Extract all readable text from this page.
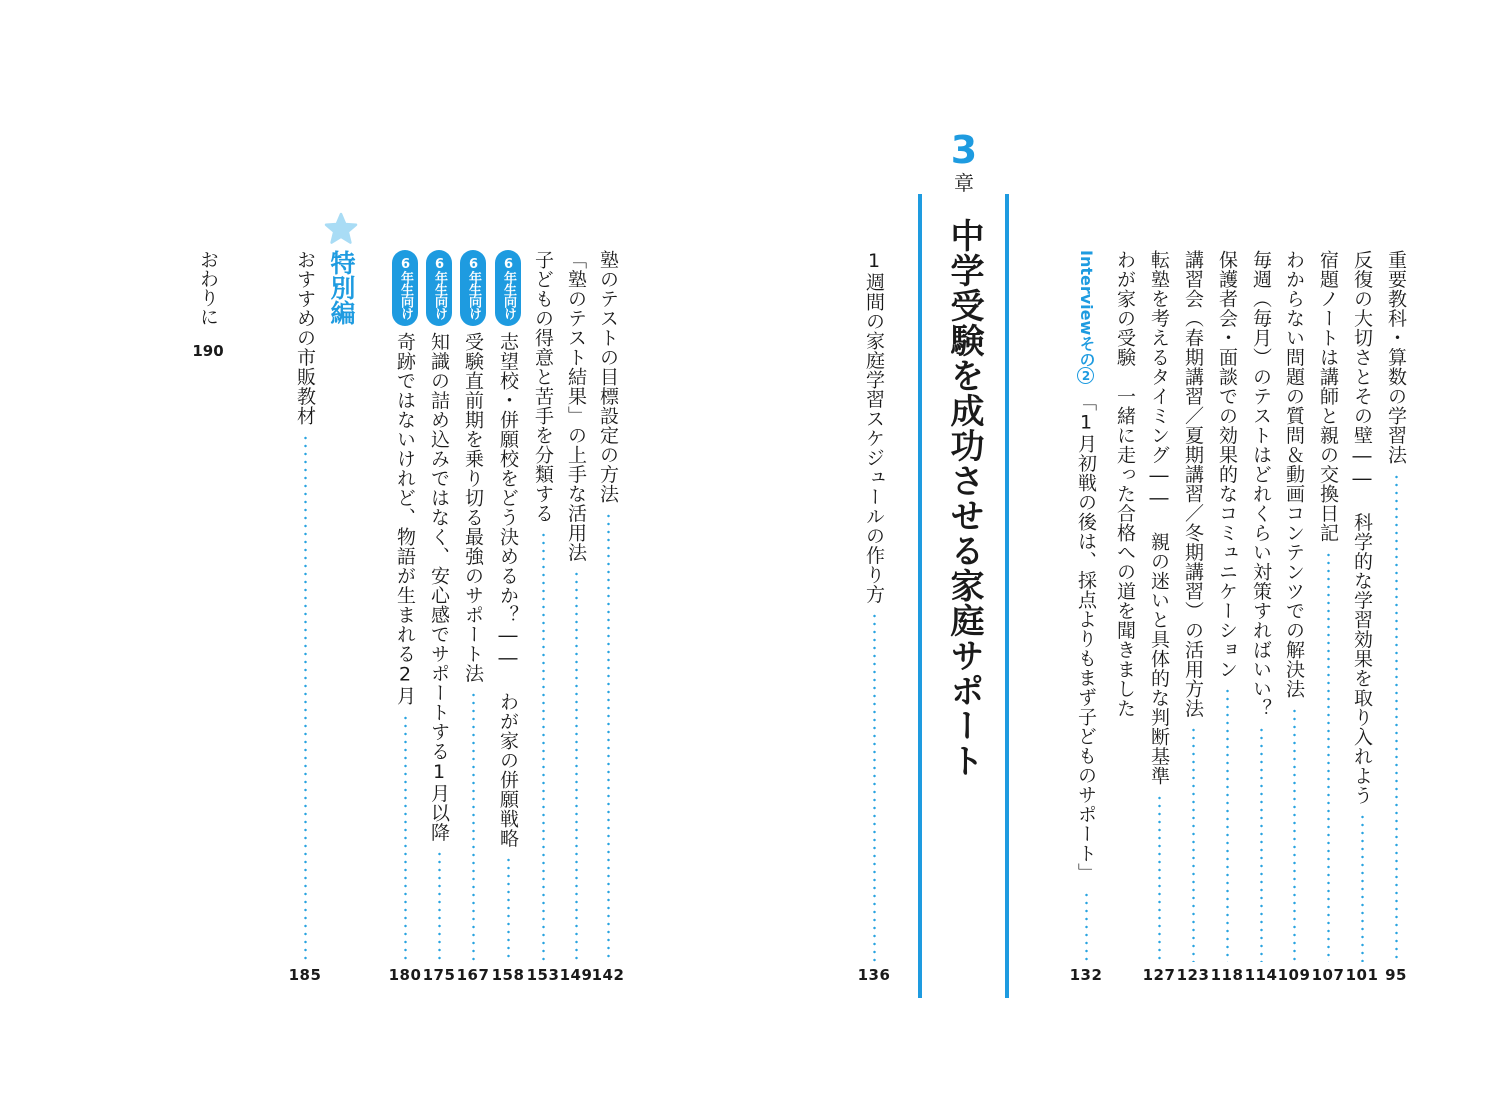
重要教科・算数の学習法
反復の大切さとその壁―― 科学的な学習効果を取り入れよう
宿題ノートは講師と親の交換日記
わからない問題の質問＆動画コンテンツでの解決法
毎週（毎月）のテストはどれくらい対策すればいい？
保護者会・面談での効果的なコミュニケーション
講習会（春期講習／夏期講習／冬期講習）の活用方法
転塾を考えるタイミング―― 親の迷いと具体的な判断基準
わが家の受験　一緒に走った合格への道を聞きました
Interviewその2
「1月初戦の後は、採点よりもまず子どものサポート」
95
101
107
109
114
118
123
127
132
3
章
中学受験を成功させる家庭サポート
1週間の家庭学習スケジュールの作り方
塾のテストの目標設定の方法
「塾のテスト結果」の上手な活用法
子どもの得意と苦手を分類する
6年生向け
志望校・併願校をどう決めるか？―― わが家の併願戦略
6年生向け
受験直前期を乗り切る最強のサポート法
6年生向け
知識の詰め込みではなく、安心感でサポートする1月以降
6年生向け
奇跡ではないけれど、物語が生まれる2月
136
142
149
153
158
167
175
180
特別編
おすすめの市販教材
185
おわりに
190
